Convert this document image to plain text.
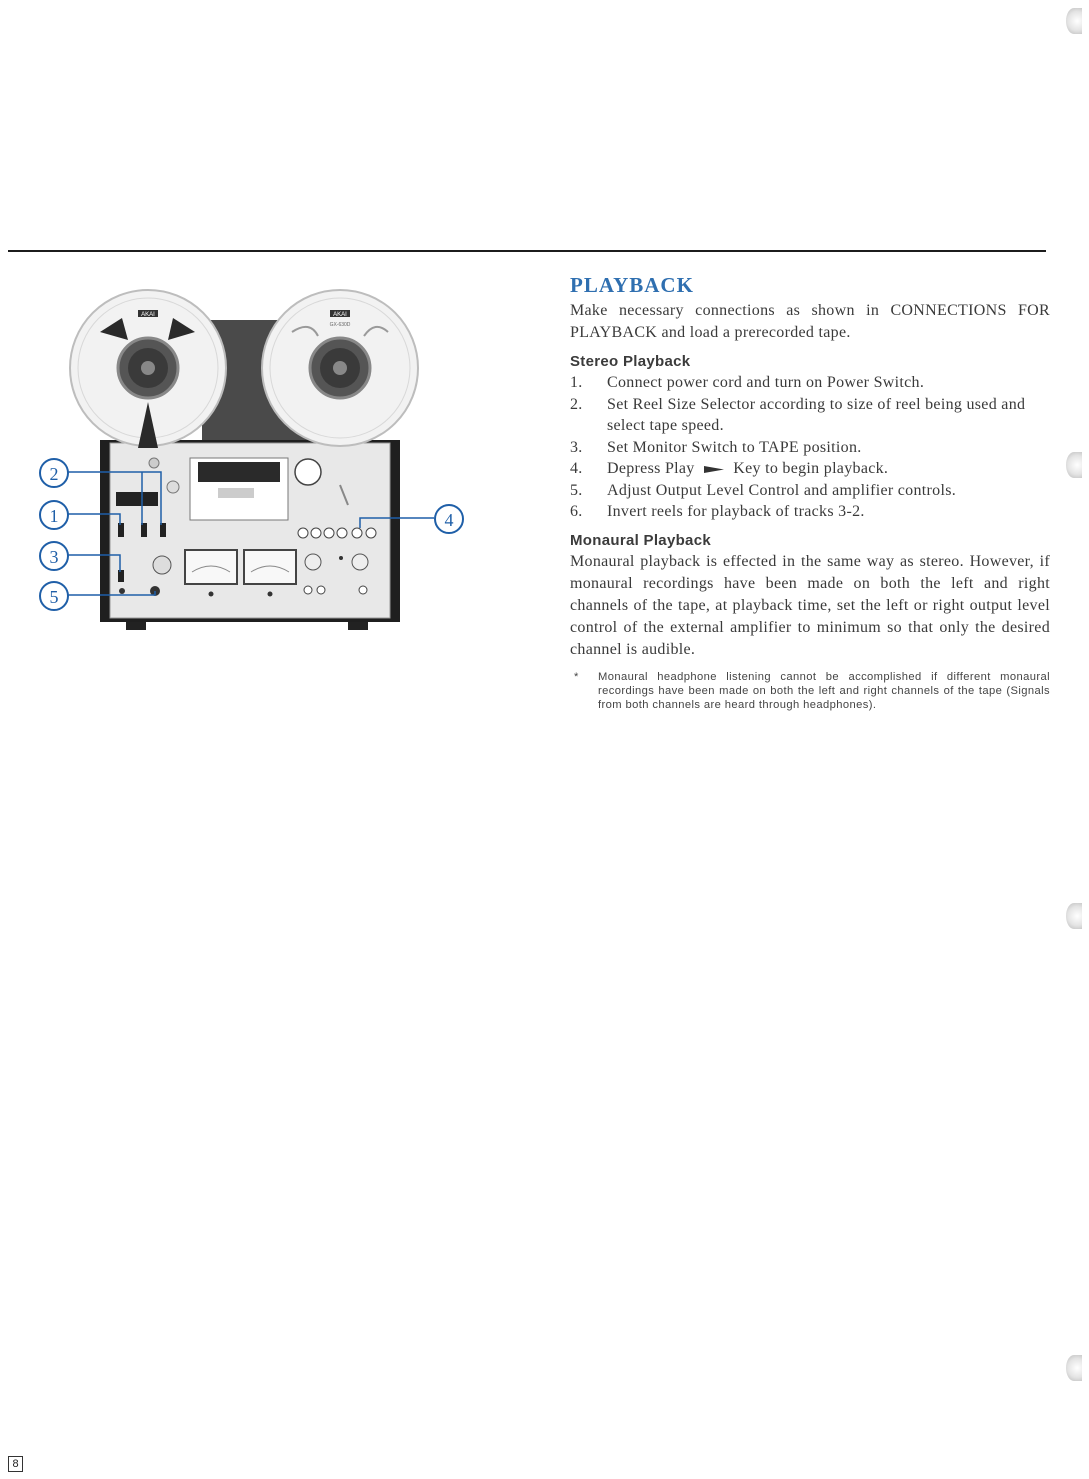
AKAI	AKAI
GX-630D
2
1
3
5
4
PLAYBACK

Make necessary connections as shown in CONNECTIONS FOR PLAYBACK and load a prerecorded tape.

Stereo Playback
1.	Connect power cord and turn on Power Switch.
2.	Set Reel Size Selector according to size of reel being used and select tape speed.
3.	Set Monitor Switch to TAPE position.
4.	Depress Play Key to begin playback.
5.	Adjust Output Level Control and amplifier controls.
6.	Invert reels for playback of tracks 3-2.
Monaural Playback

Monaural playback is effected in the same way as stereo. However, if monaural recordings have been made on both the left and right channels of the tape, at playback time, set the left or right output level control of the external amplifier to minimum so that only the desired channel is audible.

*	Monaural headphone listening cannot be accomplished if different monaural recordings have been made on both the left and right channels of the tape (Signals from both channels are heard through headphones).
8
